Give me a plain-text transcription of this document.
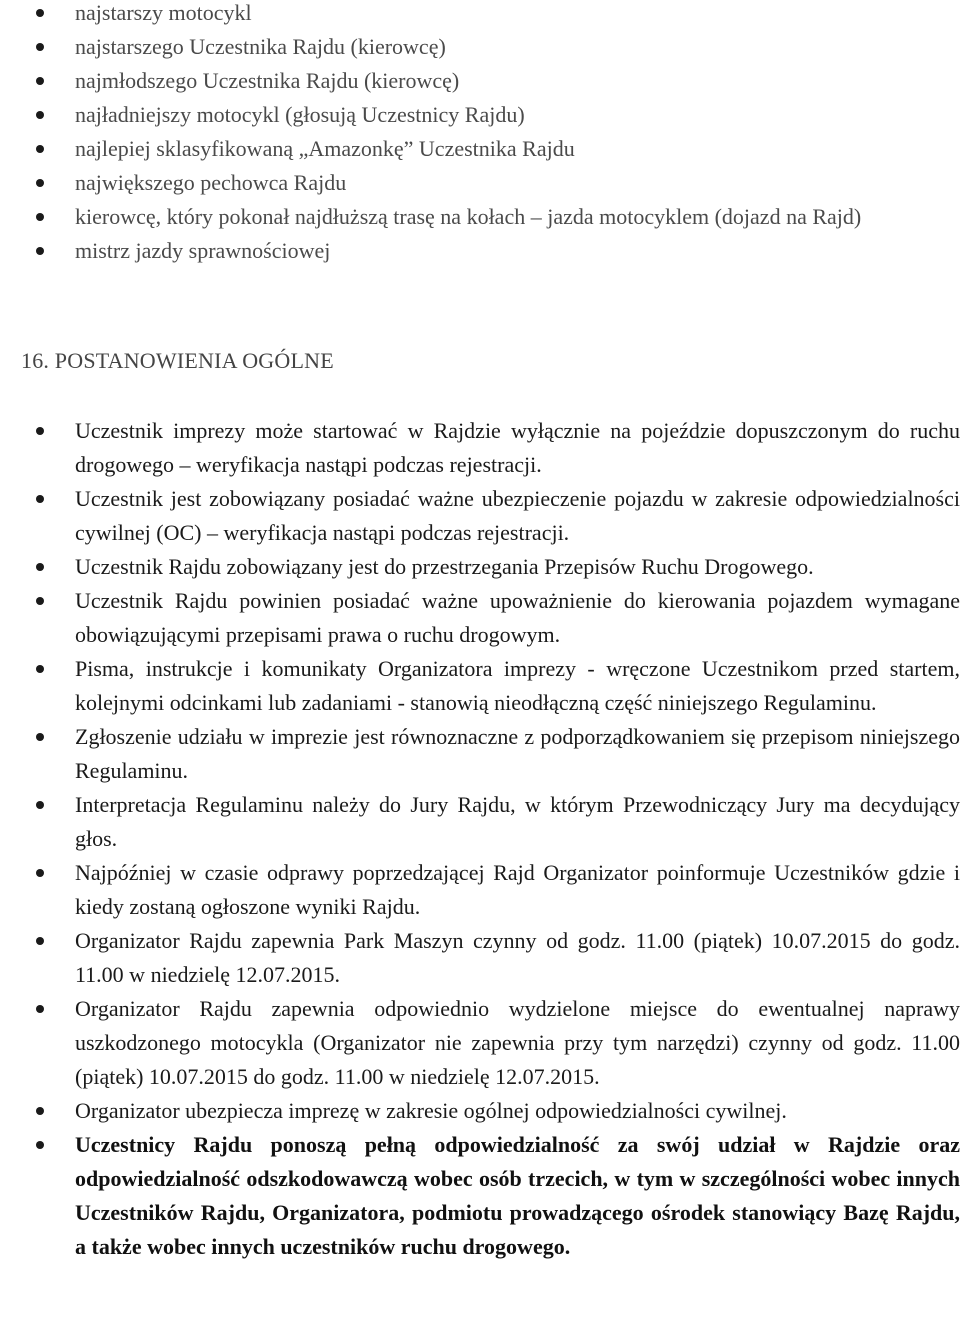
najstarszy motocykl
najstarszego Uczestnika Rajdu (kierowcę)
najmłodszego Uczestnika Rajdu (kierowcę)
najładniejszy motocykl (głosują Uczestnicy Rajdu)
najlepiej sklasyfikowaną „Amazonkę” Uczestnika Rajdu
największego pechowca Rajdu
kierowcę, który pokonał najdłuższą trasę na kołach – jazda motocyklem (dojazd na Rajd)
mistrz jazdy sprawnościowej
16. POSTANOWIENIA OGÓLNE
Uczestnik imprezy może startować w Rajdzie wyłącznie na pojeździe dopuszczonym do ruchu drogowego – weryfikacja nastąpi podczas rejestracji.
Uczestnik jest zobowiązany posiadać ważne ubezpieczenie pojazdu w zakresie odpowiedzialności cywilnej (OC) – weryfikacja nastąpi podczas rejestracji.
Uczestnik Rajdu zobowiązany jest do przestrzegania Przepisów Ruchu Drogowego.
Uczestnik Rajdu powinien posiadać ważne upoważnienie do kierowania pojazdem wymagane obowiązującymi przepisami prawa o ruchu drogowym.
Pisma, instrukcje i komunikaty Organizatora imprezy - wręczone Uczestnikom przed startem, kolejnymi odcinkami lub zadaniami - stanowią nieodłączną część niniejszego Regulaminu.
Zgłoszenie udziału w imprezie jest równoznaczne z podporządkowaniem się przepisom niniejszego Regulaminu.
Interpretacja Regulaminu należy do Jury Rajdu, w którym Przewodniczący Jury ma decydujący głos.
Najpóźniej w czasie odprawy poprzedzającej Rajd Organizator poinformuje Uczestników gdzie i kiedy zostaną ogłoszone wyniki Rajdu.
Organizator Rajdu zapewnia Park Maszyn czynny od godz. 11.00 (piątek) 10.07.2015 do godz. 11.00 w niedzielę 12.07.2015.
Organizator Rajdu zapewnia odpowiednio wydzielone miejsce do ewentualnej naprawy uszkodzonego motocykla (Organizator nie zapewnia przy tym narzędzi) czynny od godz. 11.00 (piątek) 10.07.2015 do godz. 11.00 w niedzielę 12.07.2015.
Organizator ubezpiecza imprezę w zakresie ogólnej odpowiedzialności cywilnej.
Uczestnicy Rajdu ponoszą pełną odpowiedzialność za swój udział w Rajdzie oraz odpowiedzialność odszkodowawczą wobec osób trzecich, w tym w szczególności wobec innych Uczestników Rajdu, Organizatora, podmiotu prowadzącego ośrodek stanowiący Bazę Rajdu, a także wobec innych uczestników ruchu drogowego.
